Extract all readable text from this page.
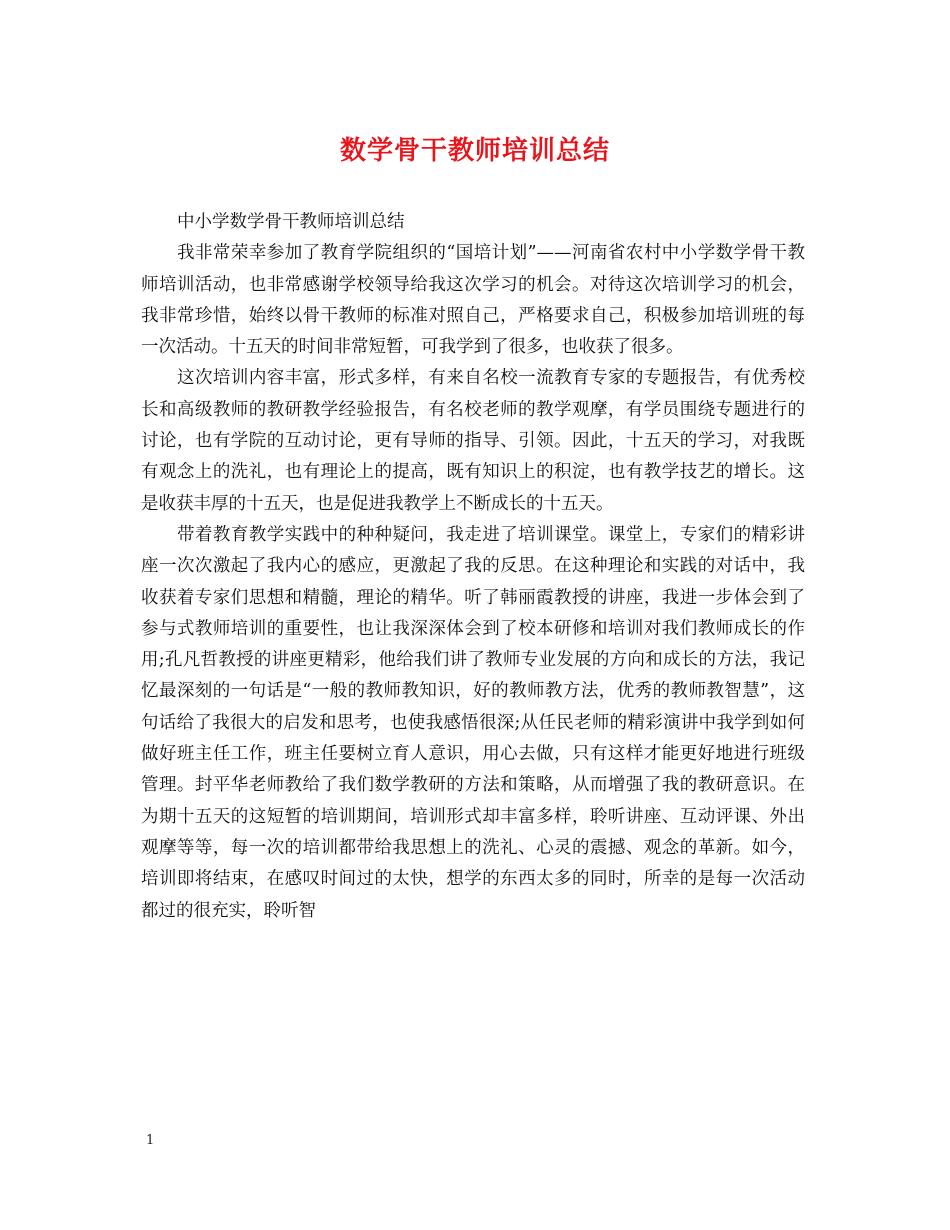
数学骨干教师培训总结

中小学数学骨干教师培训总结

我非常荣幸参加了教育学院组织的“国培计划”——河南省农村中小学数学骨干教师培训活动，也非常感谢学校领导给我这次学习的机会。对待这次培训学习的机会，我非常珍惜，始终以骨干教师的标准对照自己，严格要求自己，积极参加培训班的每一次活动。十五天的时间非常短暂，可我学到了很多，也收获了很多。

这次培训内容丰富，形式多样，有来自名校一流教育专家的专题报告，有优秀校长和高级教师的教研教学经验报告，有名校老师的教学观摩，有学员围绕专题进行的讨论，也有学院的互动讨论，更有导师的指导、引领。因此，十五天的学习，对我既有观念上的洗礼，也有理论上的提高，既有知识上的积淀，也有教学技艺的增长。这是收获丰厚的十五天，也是促进我教学上不断成长的十五天。

带着教育教学实践中的种种疑问，我走进了培训课堂。课堂上，专家们的精彩讲座一次次激起了我内心的感应，更激起了我的反思。在这种理论和实践的对话中，我收获着专家们思想和精髓，理论的精华。听了韩丽霞教授的讲座，我进一步体会到了参与式教师培训的重要性，也让我深深体会到了校本研修和培训对我们教师成长的作用;孔凡哲教授的讲座更精彩，他给我们讲了教师专业发展的方向和成长的方法，我记忆最深刻的一句话是“一般的教师教知识，好的教师教方法，优秀的教师教智慧”，这句话给了我很大的启发和思考，也使我感悟很深;从任民老师的精彩演讲中我学到如何做好班主任工作，班主任要树立育人意识，用心去做，只有这样才能更好地进行班级管理。封平华老师教给了我们数学教研的方法和策略，从而增强了我的教研意识。在为期十五天的这短暂的培训期间，培训形式却丰富多样，聆听讲座、互动评课、外出观摩等等，每一次的培训都带给我思想上的洗礼、心灵的震撼、观念的革新。如今，培训即将结束，在感叹时间过的太快，想学的东西太多的同时，所幸的是每一次活动都过的很充实，聆听智

1
